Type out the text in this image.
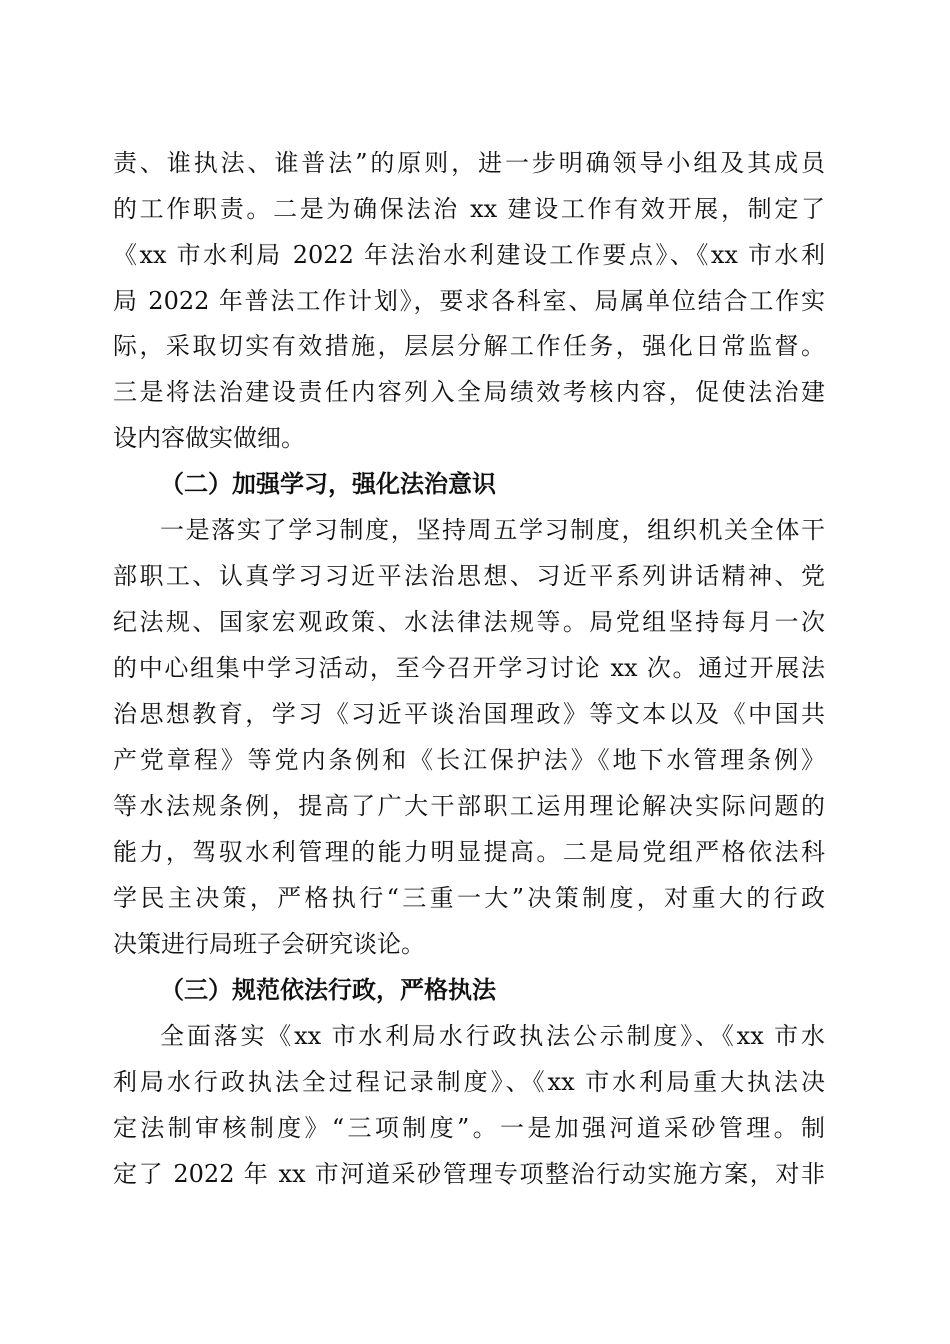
责、谁执法、谁普法”的原则，进一步明确领导小组及其成员
的工作职责。二是为确保法治 xx 建设工作有效开展，制定了
《xx 市水利局 2022 年法治水利建设工作要点》、《xx 市水利
局 2022 年普法工作计划》，要求各科室、局属单位结合工作实
际，采取切实有效措施，层层分解工作任务，强化日常监督。
三是将法治建设责任内容列入全局绩效考核内容，促使法治建
设内容做实做细。
（二）加强学习，强化法治意识
一是落实了学习制度，坚持周五学习制度，组织机关全体干
部职工、认真学习习近平法治思想、习近平系列讲话精神、党
纪法规、国家宏观政策、水法律法规等。局党组坚持每月一次
的中心组集中学习活动，至今召开学习讨论 xx 次。通过开展法
治思想教育，学习《习近平谈治国理政》等文本以及《中国共
产党章程》等党内条例和《长江保护法》《地下水管理条例》
等水法规条例，提高了广大干部职工运用理论解决实际问题的
能力，驾驭水利管理的能力明显提高。二是局党组严格依法科
学民主决策，严格执行“三重一大”决策制度，对重大的行政
决策进行局班子会研究谈论。
（三）规范依法行政，严格执法
全面落实《xx 市水利局水行政执法公示制度》、《xx 市水
利局水行政执法全过程记录制度》、《xx 市水利局重大执法决
定法制审核制度》“三项制度”。一是加强河道采砂管理。制
定了 2022 年 xx 市河道采砂管理专项整治行动实施方案，对非
